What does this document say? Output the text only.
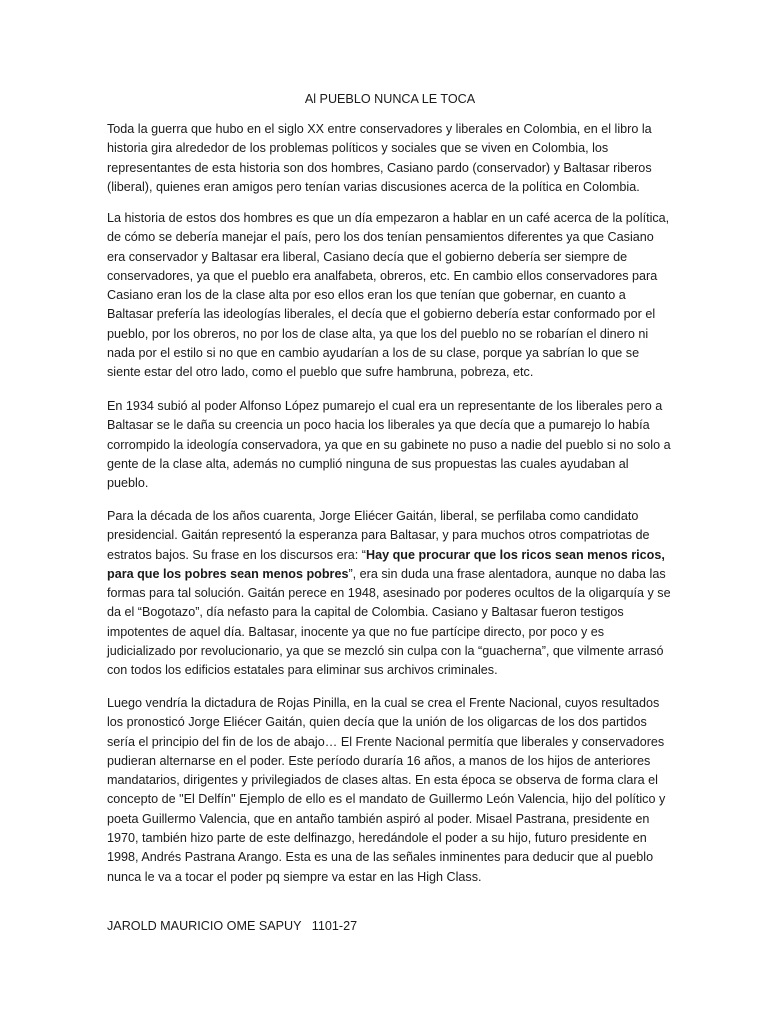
Al PUEBLO NUNCA LE TOCA

Toda la guerra que hubo en el siglo XX entre conservadores y liberales en Colombia, en el libro la historia gira alrededor de los problemas políticos y sociales que se viven en Colombia, los representantes de esta historia son dos hombres, Casiano pardo (conservador) y Baltasar riberos (liberal), quienes eran amigos pero tenían varias discusiones acerca de la política en Colombia.

La historia de estos dos hombres es que un día empezaron a hablar en un café acerca de la política, de cómo se debería manejar el país, pero los dos tenían pensamientos diferentes ya que Casiano era conservador y Baltasar era liberal, Casiano decía que el gobierno debería ser siempre de conservadores, ya que el pueblo era analfabeta, obreros, etc. En cambio ellos conservadores para Casiano eran los de la clase alta por eso ellos eran los que tenían que gobernar, en cuanto a Baltasar prefería las ideologías liberales, el decía que el gobierno debería estar conformado por el pueblo, por los obreros, no por los de clase alta, ya que los del pueblo no se robarían el dinero ni nada por el estilo si no que en cambio ayudarían a los de su clase, porque ya sabrían lo que se siente estar del otro lado, como el pueblo que sufre hambruna, pobreza, etc.

En 1934 subió al poder Alfonso López pumarejo el cual era un representante de los liberales pero a Baltasar se le daña su creencia un poco hacia los liberales ya que decía que a pumarejo lo había corrompido la ideología conservadora, ya que en su gabinete no puso a nadie del pueblo si no solo a gente de la clase alta, además no cumplió ninguna de sus propuestas las cuales ayudaban al pueblo.

Para la década de los años cuarenta, Jorge Eliécer Gaitán, liberal, se perfilaba como candidato presidencial. Gaitán representó la esperanza para Baltasar, y para muchos otros compatriotas de estratos bajos. Su frase en los discursos era: “Hay que procurar que los ricos sean menos ricos, para que los pobres sean menos pobres”, era sin duda una frase alentadora, aunque no daba las formas para tal solución. Gaitán perece en 1948, asesinado por poderes ocultos de la oligarquía y se da el “Bogotazo”, día nefasto para la capital de Colombia. Casiano y Baltasar fueron testigos impotentes de aquel día. Baltasar, inocente ya que no fue partícipe directo, por poco y es judicializado por revolucionario, ya que se mezcló sin culpa con la “guacherna”, que vilmente arrasó con todos los edificios estatales para eliminar sus archivos criminales.

Luego vendría la dictadura de Rojas Pinilla, en la cual se crea el Frente Nacional, cuyos resultados los pronosticó Jorge Eliécer Gaitán, quien decía que la unión de los oligarcas de los dos partidos sería el principio del fin de los de abajo… El Frente Nacional permitía que liberales y conservadores pudieran alternarse en el poder. Este período duraría 16 años, a manos de los hijos de anteriores mandatarios, dirigentes y privilegiados de clases altas. En esta época se observa de forma clara el concepto de "El Delfín" Ejemplo de ello es el mandato de Guillermo León Valencia, hijo del político y poeta Guillermo Valencia, que en antaño también aspiró al poder. Misael Pastrana, presidente en 1970, también hizo parte de este delfinazgo, heredándole el poder a su hijo, futuro presidente en 1998, Andrés Pastrana Arango. Esta es una de las señales inminentes para deducir que al pueblo nunca le va a tocar el poder pq siempre va estar en las High Class.

JAROLD MAURICIO OME SAPUY   1101-27
